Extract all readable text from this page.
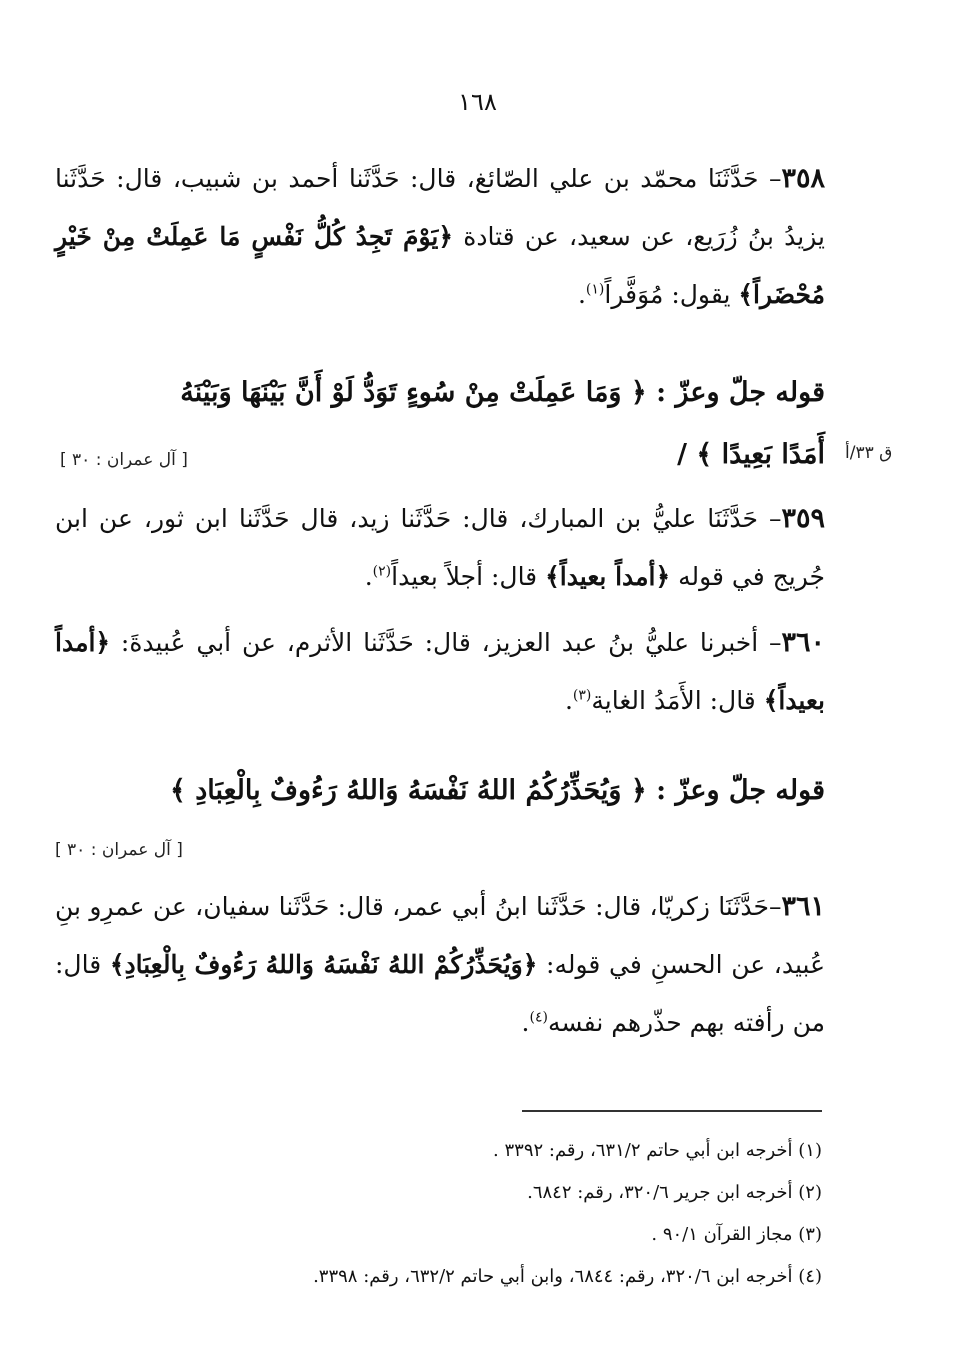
١٦٨
٣٥٨– حَدَّثَنَا محمّد بن علي الصّائغ، قال: حَدَّثَنا أحمد بن شبيب، قال: حَدَّثَنا يزيدُ بنُ زُرَيع، عن سعيد، عن قتادة ﴿يَوْمَ تَجِدُ كُلُّ نَفْسٍ مَا عَمِلَتْ مِنْ خَيْرٍ مُحْضَراً﴾ يقول: مُوَفَّراً$^{(١)}$.
قوله جلّ وعزّ : ﴿ وَمَا عَمِلَتْ مِنْ سُوءٍ تَوَدُّ لَوْ أَنَّ بَيْنَهَا وَبَيْنَهُ
أَمَدًا بَعِيدًا ﴾ /
[ آل عمران : ٣٠ ]	ق ٣٣/أ
٣٥٩– حَدَّثَنَا عليُّ بن المبارك، قال: حَدَّثَنا زيد، قال حَدَّثَنا ابن ثور، عن ابن جُريج في قوله ﴿أمداً بعيداً﴾ قال: أجلاً بعيداً$^{(٢)}$.
٣٦٠– أخبرنا عليُّ بنُ عبد العزيز، قال: حَدَّثَنا الأثرم، عن أبي عُبيدةَ: ﴿أمداً بعيداً﴾ قال: الأَمَدُ الغاية$^{(٣)}$.
قوله جلّ وعزّ : ﴿ وَيُحَذِّرُكُمُ اللهُ نَفْسَهُ وَاللهُ رَءُوفٌ بِالْعِبَادِ ﴾
[ آل عمران : ٣٠ ]
٣٦١–حَدَّثَنَا زكريّا، قال: حَدَّثَنا ابنُ أبي عمر، قال: حَدَّثَنا سفيان، عن عمرِو بنِ عُبيد، عن الحسنِ في قوله: ﴿وَيُحَذِّرُكُمْ اللهُ نَفْسَهُ وَاللهُ رَءُوفٌ بِالْعِبَادِ﴾ قال: من رأفته بهم حذّرهم نفسه$^{(٤)}$.
(١) أخرجه ابن أبي حاتم ٦٣١/٢، رقم: ٣٣٩٢ .
(٢) أخرجه ابن جرير ٣٢٠/٦، رقم: ٦٨٤٢.
(٣) مجاز القرآن ٩٠/١ .
(٤) أخرجه ابن ٣٢٠/٦، رقم: ٦٨٤٤، وابن أبي حاتم ٦٣٢/٢، رقم: ٣٣٩٨.
